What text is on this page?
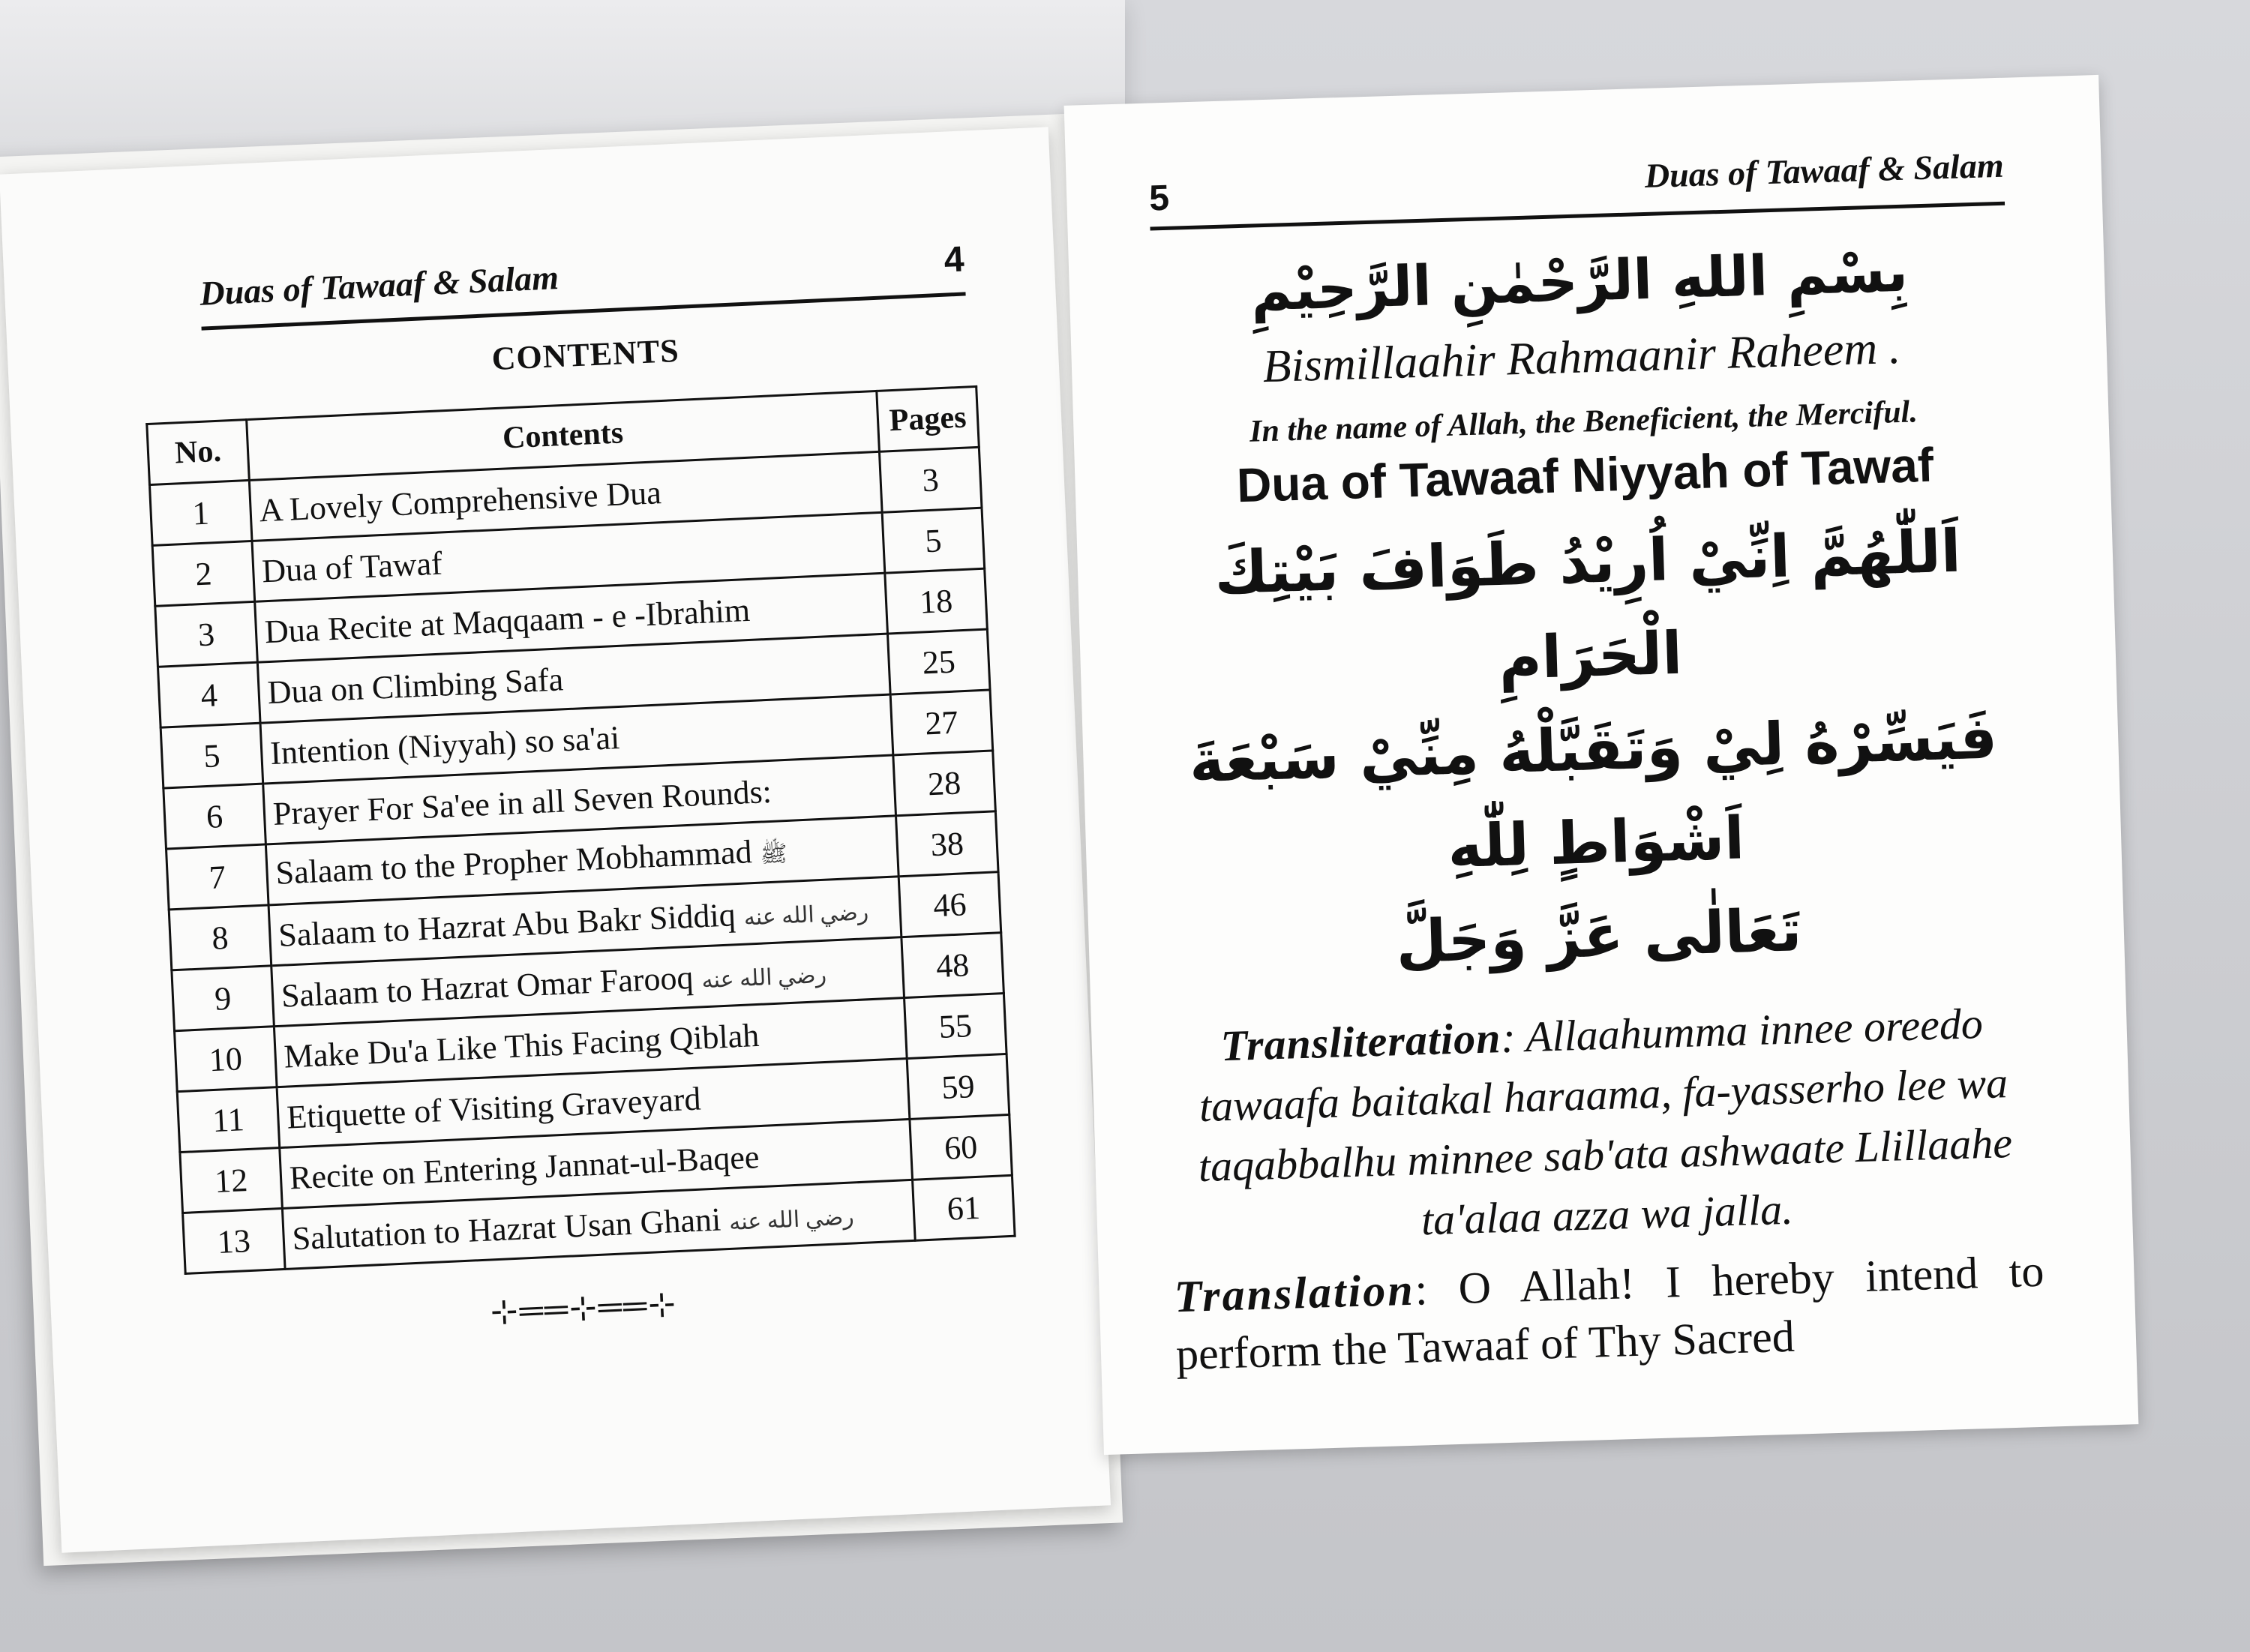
Duas of Tawaaf & Salam	4
CONTENTS
No.	Contents	Pages
1	A Lovely Comprehensive Dua	3
2	Dua of Tawaf	5
3	Dua Recite at Maqqaam - e -Ibrahim	18
4	Dua on Climbing Safa	25
5	Intention (Niyyah) so sa'ai	27
6	Prayer For Sa'ee in all Seven Rounds:	28
7	Salaam to the Propher Mobhammad ﷺ	38
8	Salaam to Hazrat Abu Bakr Siddiq رضي الله عنه	46
9	Salaam to Hazrat Omar Farooq رضي الله عنه	48
10	Make Du'a Like This Facing Qiblah	55
11	Etiquette of Visiting Graveyard	59
12	Recite on Entering Jannat-ul-Baqee	60
13	Salutation to Hazrat Usan Ghani رضي الله عنه	61
⊹══⊹══⊹
5
Duas of Tawaaf & Salam

بِسْمِ اللهِ الرَّحْمٰنِ الرَّحِيْمِ

Bismillaahir Rahmaanir Raheem .

In the name of Allah, the Beneficient, the Merciful.

Dua of Tawaaf Niyyah of Tawaf

اَللّٰهُمَّ اِنِّيْ اُرِيْدُ طَوَافَ بَيْتِكَ الْحَرَامِ

فَيَسِّرْهُ لِيْ وَتَقَبَّلْهُ مِنِّيْ سَبْعَةَ اَشْوَاطٍ لِلّٰهِ

تَعَالٰى عَزَّ وَجَلَّ

Transliteration: Allaahumma innee oreedo tawaafa baitakal haraama, fa-yasserho lee wa taqabbalhu minnee sab'ata ashwaate Llillaahe ta'alaa azza wa jalla.

Translation: O Allah! I hereby intend to perform the Tawaaf of Thy Sacred
